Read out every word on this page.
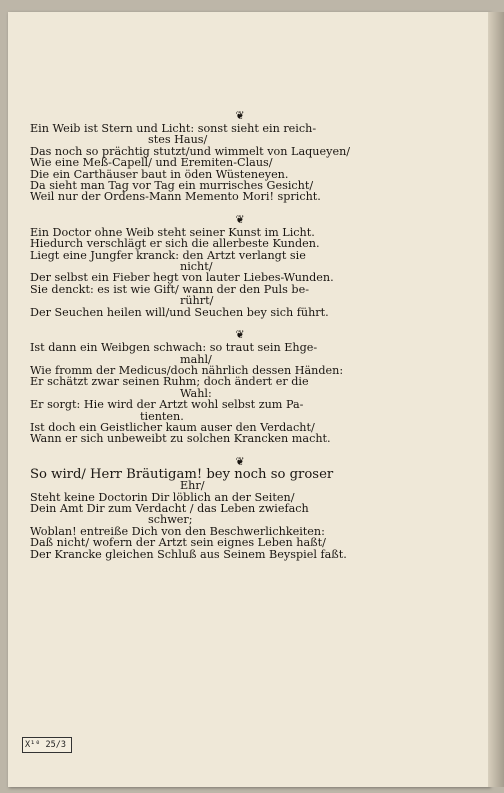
❦
Ein Weib ist Stern und Licht: sonst sieht ein reich-
stes Haus/
Das noch so prächtig stutzt/und wimmelt von Laqueyen/
Wie eine Meß-Capell/ und Eremiten-Claus/
Die ein Carthäuser baut in öden Wüsteneyen.
Da sieht man Tag vor Tag ein murrisches Gesicht/
Weil nur der Ordens-Mann Memento Mori! spricht.
❦
Ein Doctor ohne Weib steht seiner Kunst im Licht.
Hiedurch verschlägt er sich die allerbeste Kunden.
Liegt eine Jungfer kranck: den Artzt verlangt sie
nicht/
Der selbst ein Fieber hegt von lauter Liebes-Wunden.
Sie denckt: es ist wie Gift/ wann der den Puls be-
rührt/
Der Seuchen heilen will/und Seuchen bey sich führt.
❦
Ist dann ein Weibgen schwach: so traut sein Ehge-
mahl/
Wie fromm der Medicus/doch nährlich dessen Händen:
Er schätzt zwar seinen Ruhm; doch ändert er die
Wahl:
Er sorgt: Hie wird der Artzt wohl selbst zum Pa-
tienten.
Ist doch ein Geistlicher kaum auser den Verdacht/
Wann er sich unbeweibt zu solchen Krancken macht.
❦
So wird/ Herr Bräutigam! bey noch so groser
Ehr/
Steht keine Doctorin Dir löblich an der Seiten/
Dein Amt Dir zum Verdacht / das Leben zwiefach
schwer;
Woblan! entreiße Dich von den Beschwerlichkeiten:
Daß nicht/ wofern der Artzt sein eignes Leben haßt/
Der Krancke gleichen Schluß aus Seinem Beyspiel faßt.
X¹⁰ 25/3
